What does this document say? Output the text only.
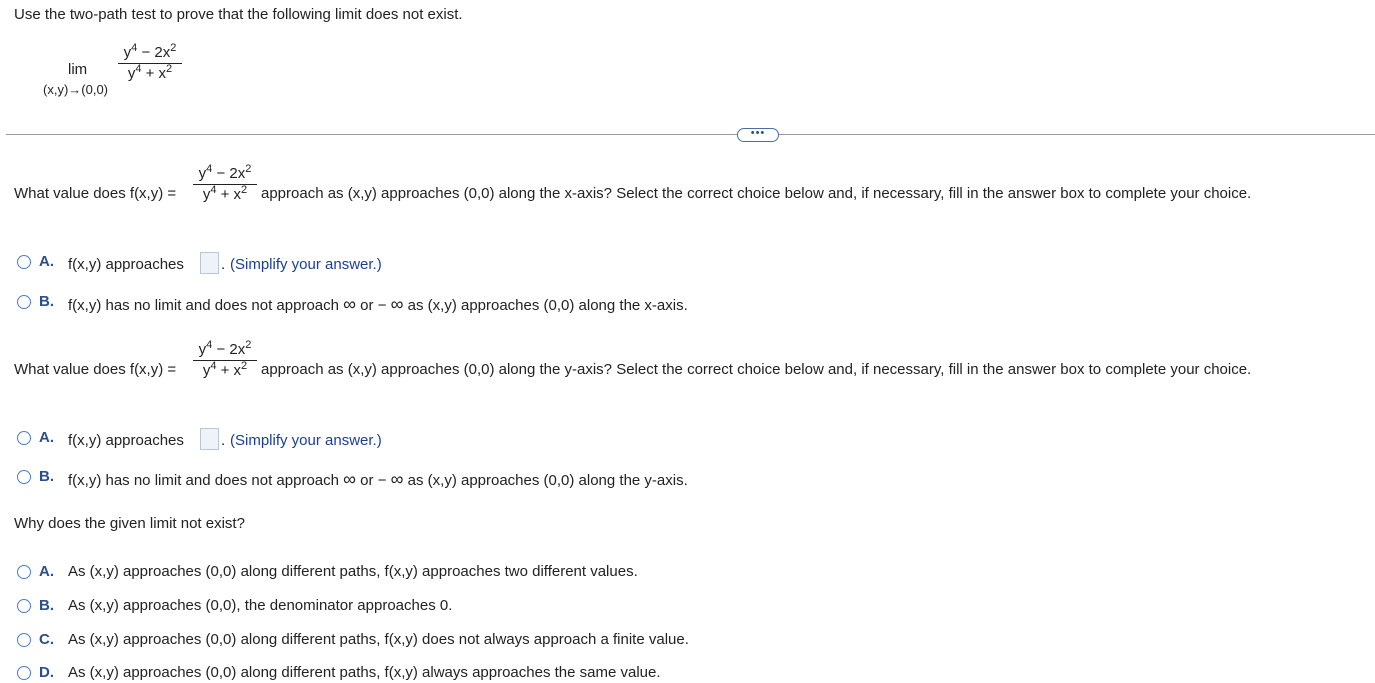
Use the two-path test to prove that the following limit does not exist.
lim
(x,y)→(0,0)
$y^4 - 2x^2$
$y^4 + x^2$
•••
What value does f(x,y) =
$y^4 - 2x^2$
$y^4 + x^2$ approach as (x,y) approaches (0,0) along the x-axis? Select the correct choice below and, if necessary, fill in the answer box to complete your choice.
A. f(x,y) approaches . (Simplify your answer.)
B. f(x,y) has no limit and does not approach ∞ or − ∞ as (x,y) approaches (0,0) along the x-axis.
What value does f(x,y) =
$y^4 - 2x^2$
$y^4 + x^2$ approach as (x,y) approaches (0,0) along the y-axis? Select the correct choice below and, if necessary, fill in the answer box to complete your choice.
A. f(x,y) approaches . (Simplify your answer.)
B. f(x,y) has no limit and does not approach ∞ or − ∞ as (x,y) approaches (0,0) along the y-axis.
Why does the given limit not exist?
A. As (x,y) approaches (0,0) along different paths, f(x,y) approaches two different values.
B. As (x,y) approaches (0,0), the denominator approaches 0.
C. As (x,y) approaches (0,0) along different paths, f(x,y) does not always approach a finite value.
D. As (x,y) approaches (0,0) along different paths, f(x,y) always approaches the same value.
